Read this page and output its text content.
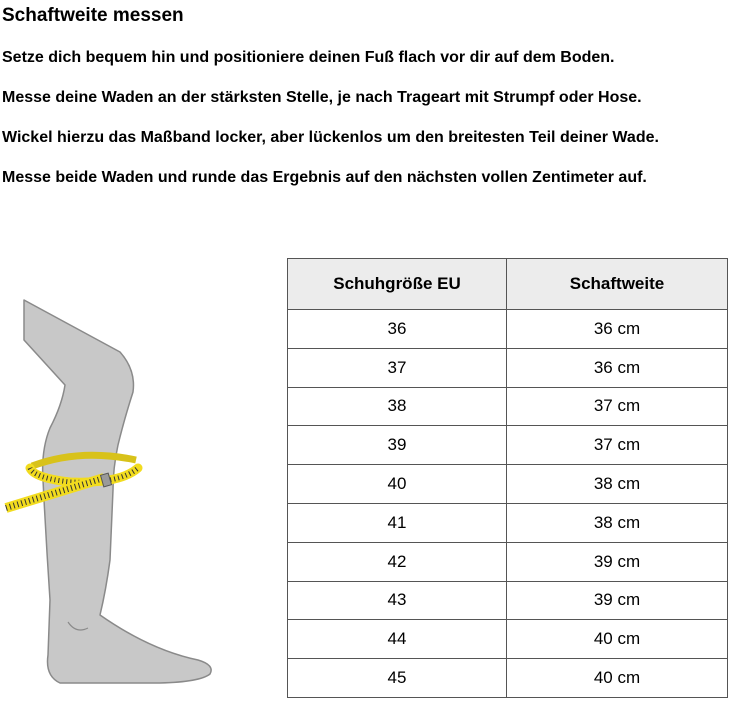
Schaftweite messen
Setze dich bequem hin und positioniere deinen Fuß flach vor dir auf dem Boden.
Messe deine Waden an der stärksten Stelle, je nach Trageart mit Strumpf oder Hose.
Wickel hierzu das Maßband locker, aber lückenlos um den breitesten Teil deiner Wade.
Messe beide Waden und runde das Ergebnis auf den nächsten vollen Zentimeter auf.
Schuhgröße EU	Schaftweite
36	36 cm
37	36 cm
38	37 cm
39	37 cm
40	38 cm
41	38 cm
42	39 cm
43	39 cm
44	40 cm
45	40 cm
